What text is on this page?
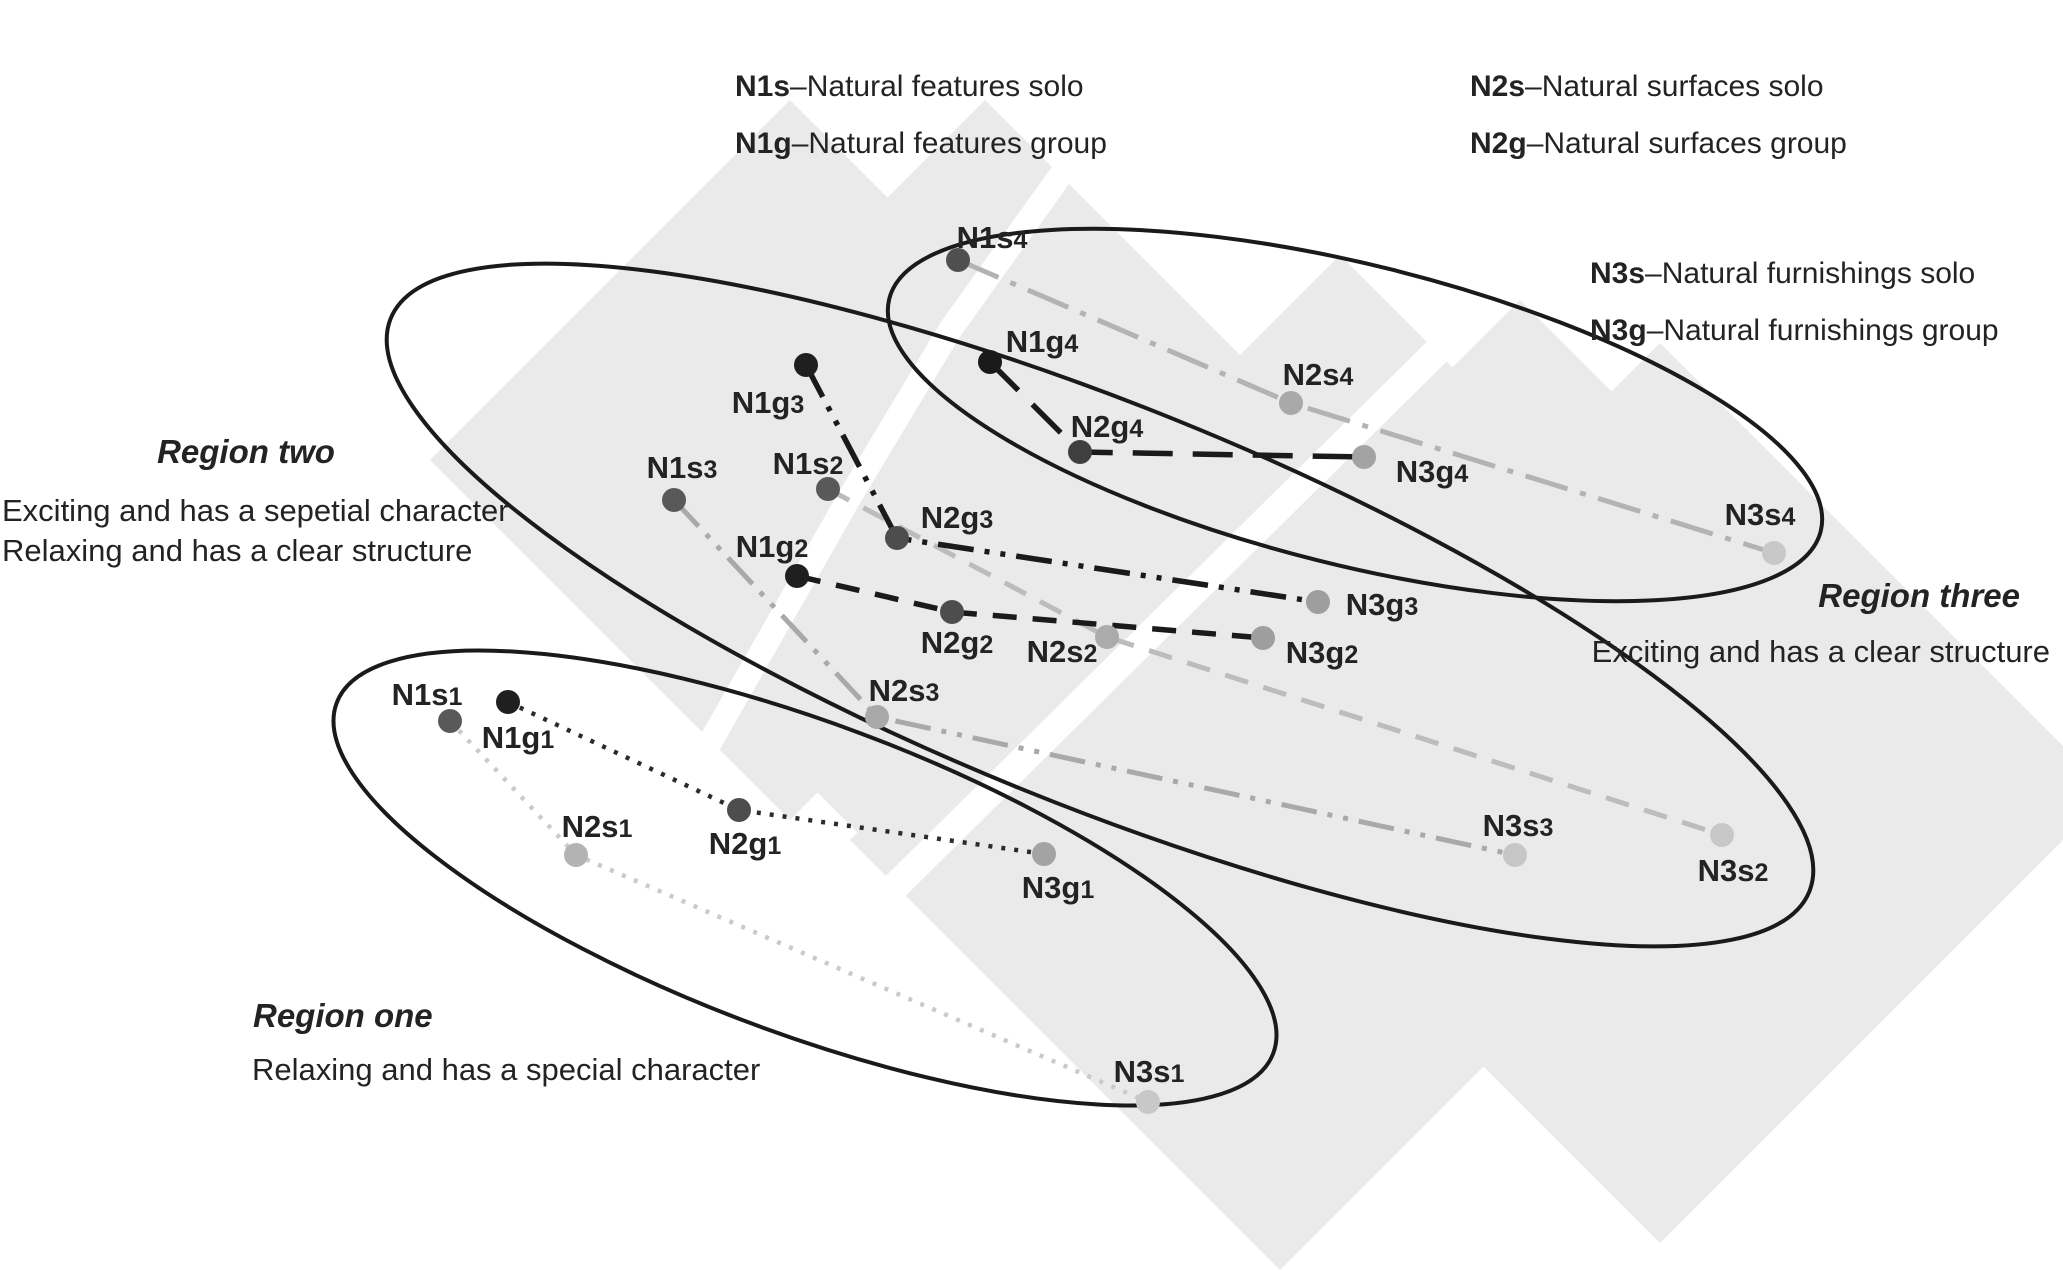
N1s4
N1g4
N2s4
N2g4
N3g4
N3s4
N1g3
N1s3 N1s2
N2g3
N1g2
N2g2 N2s2	N3g2
N3g3
N2s3
N3s3
N3s2
N1s1
N1g1
N2s1 N2g1
N3g1
N3s1
N1s–Natural features solo
N1g–Natural features group
N2s–Natural surfaces solo
N2g–Natural surfaces group
N3s–Natural furnishings solo
N3g–Natural furnishings group
Region two
Exciting and has a sepetial character
Relaxing and has a clear structure
Region three
Exciting and has a clear structure
Region one
Relaxing and has a special character
